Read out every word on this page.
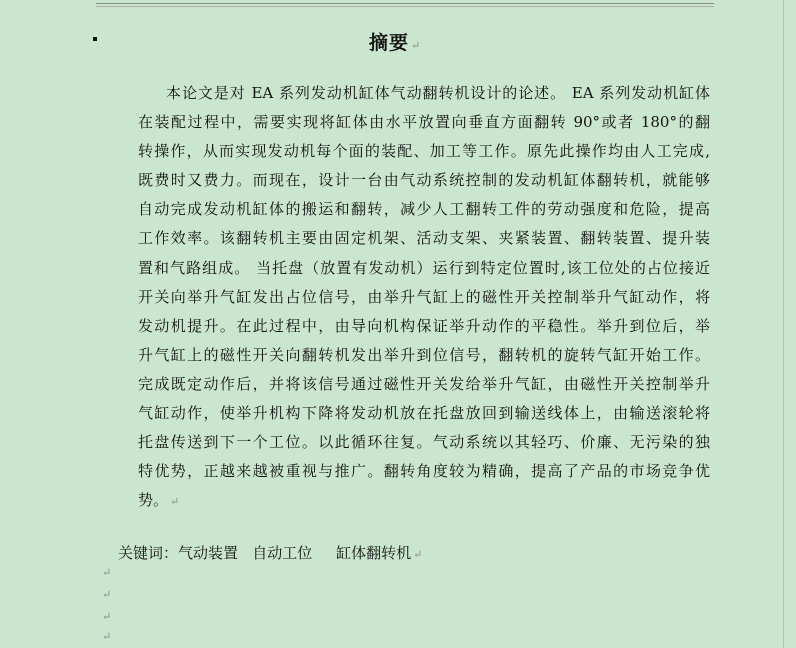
摘要 ↵
本论文是对 EA 系列发动机缸体气动翻转机设计的论述。 EA 系列发动机缸体
在装配过程中，需要实现将缸体由水平放置向垂直方面翻转 90°或者 180°的翻
转操作，从而实现发动机每个面的装配、加工等工作。原先此操作均由人工完成,
既费时又费力。而现在，设计一台由气动系统控制的发动机缸体翻转机，就能够
自动完成发动机缸体的搬运和翻转，减少人工翻转工件的劳动强度和危险，提高
工作效率。该翻转机主要由固定机架、活动支架、夹紧装置、翻转装置、提升装
置和气路组成。 当托盘（放置有发动机）运行到特定位置时,该工位处的占位接近
开关向举升气缸发出占位信号，由举升气缸上的磁性开关控制举升气缸动作，将
发动机提升。在此过程中，由导向机构保证举升动作的平稳性。举升到位后，举
升气缸上的磁性开关向翻转机发出举升到位信号，翻转机的旋转气缸开始工作。
完成既定动作后，并将该信号通过磁性开关发给举升气缸，由磁性开关控制举升
气缸动作，使举升机构下降将发动机放在托盘放回到输送线体上，由输送滚轮将
托盘传送到下一个工位。以此循环往复。气动系统以其轻巧、价廉、无污染的独
特优势，正越来越被重视与推广。翻转角度较为精确，提高了产品的市场竞争优
势。 ↵
关键词：气动装置   自动工位     缸体翻转机 ↵
↵
↵
↵
↵
